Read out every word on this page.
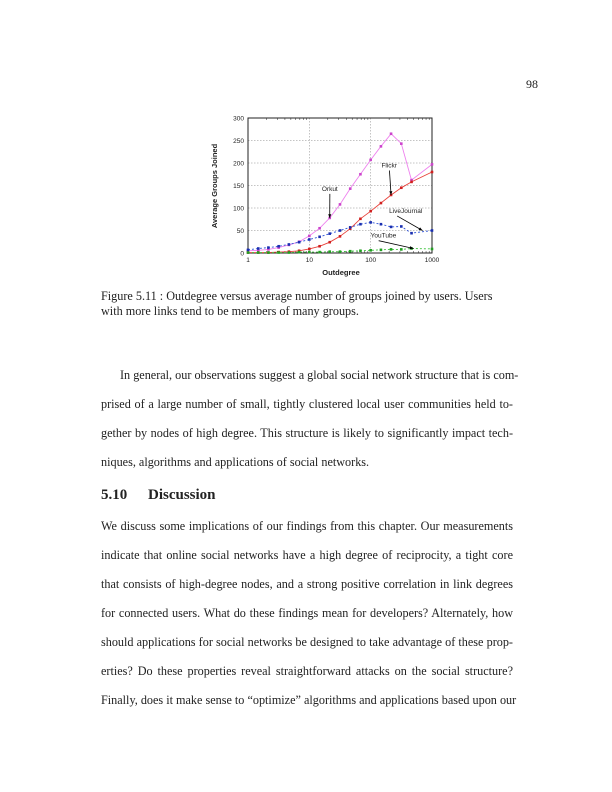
98
0
50
100
150
200
250
300
1	10	100	1000
Orkut
Flickr
LiveJournal
YouTube
Outdegree
Average Groups Joined
Figure 5.11 : Outdegree versus average number of groups joined by users. Users with more links tend to be members of many groups.
In general, our observations suggest a global social network structure that is com-
prised of a large number of small, tightly clustered local user communities held to-
gether by nodes of high degree. This structure is likely to significantly impact tech-
niques, algorithms and applications of social networks.
5.10 Discussion
We discuss some implications of our findings from this chapter. Our measurements
indicate that online social networks have a high degree of reciprocity, a tight core
that consists of high-degree nodes, and a strong positive correlation in link degrees
for connected users. What do these findings mean for developers? Alternately, how
should applications for social networks be designed to take advantage of these prop-
erties? Do these properties reveal straightforward attacks on the social structure?
Finally, does it make sense to “optimize” algorithms and applications based upon our
